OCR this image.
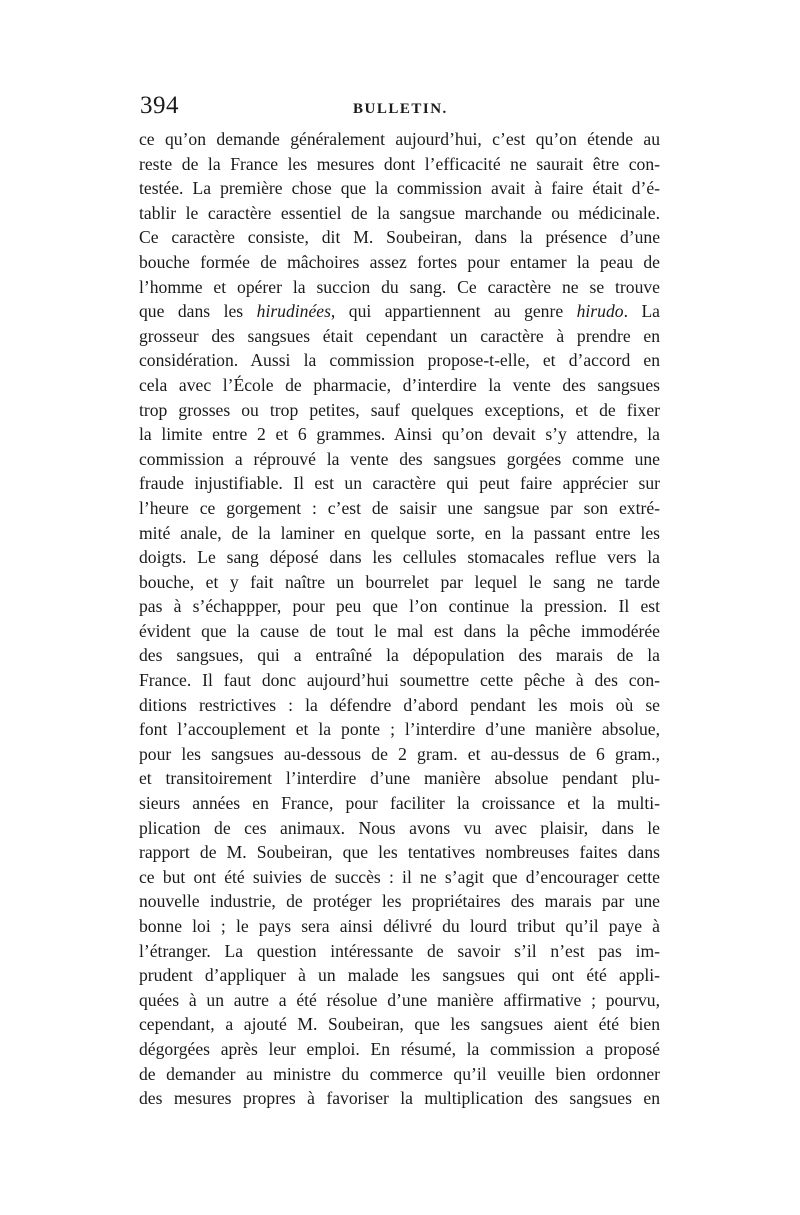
394	BULLETIN.
ce qu’on demande généralement aujourd’hui, c’est qu’on étende au
reste de la France les mesures dont l’efficacité ne saurait être con-
testée. La première chose que la commission avait à faire était d’é-
tablir le caractère essentiel de la sangsue marchande ou médicinale.
Ce caractère consiste, dit M. Soubeiran, dans la présence d’une
bouche formée de mâchoires assez fortes pour entamer la peau de
l’homme et opérer la succion du sang. Ce caractère ne se trouve
que dans les hirudinées, qui appartiennent au genre hirudo. La
grosseur des sangsues était cependant un caractère à prendre en
considération. Aussi la commission propose-t-elle, et d’accord en
cela avec l’École de pharmacie, d’interdire la vente des sangsues
trop grosses ou trop petites, sauf quelques exceptions, et de fixer
la limite entre 2 et 6 grammes. Ainsi qu’on devait s’y attendre, la
commission a réprouvé la vente des sangsues gorgées comme une
fraude injustifiable. Il est un caractère qui peut faire apprécier sur
l’heure ce gorgement : c’est de saisir une sangsue par son extré-
mité anale, de la laminer en quelque sorte, en la passant entre les
doigts. Le sang déposé dans les cellules stomacales reflue vers la
bouche, et y fait naître un bourrelet par lequel le sang ne tarde
pas à s’échappper, pour peu que l’on continue la pression. Il est
évident que la cause de tout le mal est dans la pêche immodérée
des sangsues, qui a entraîné la dépopulation des marais de la
France. Il faut donc aujourd’hui soumettre cette pêche à des con-
ditions restrictives : la défendre d’abord pendant les mois où se
font l’accouplement et la ponte ; l’interdire d’une manière absolue,
pour les sangsues au-dessous de 2 gram. et au-dessus de 6 gram.,
et transitoirement l’interdire d’une manière absolue pendant plu-
sieurs années en France, pour faciliter la croissance et la multi-
plication de ces animaux. Nous avons vu avec plaisir, dans le
rapport de M. Soubeiran, que les tentatives nombreuses faites dans
ce but ont été suivies de succès : il ne s’agit que d’encourager cette
nouvelle industrie, de protéger les propriétaires des marais par une
bonne loi ; le pays sera ainsi délivré du lourd tribut qu’il paye à
l’étranger. La question intéressante de savoir s’il n’est pas im-
prudent d’appliquer à un malade les sangsues qui ont été appli-
quées à un autre a été résolue d’une manière affirmative ; pourvu,
cependant, a ajouté M. Soubeiran, que les sangsues aient été bien
dégorgées après leur emploi. En résumé, la commission a proposé
de demander au ministre du commerce qu’il veuille bien ordonner
des mesures propres à favoriser la multiplication des sangsues en
